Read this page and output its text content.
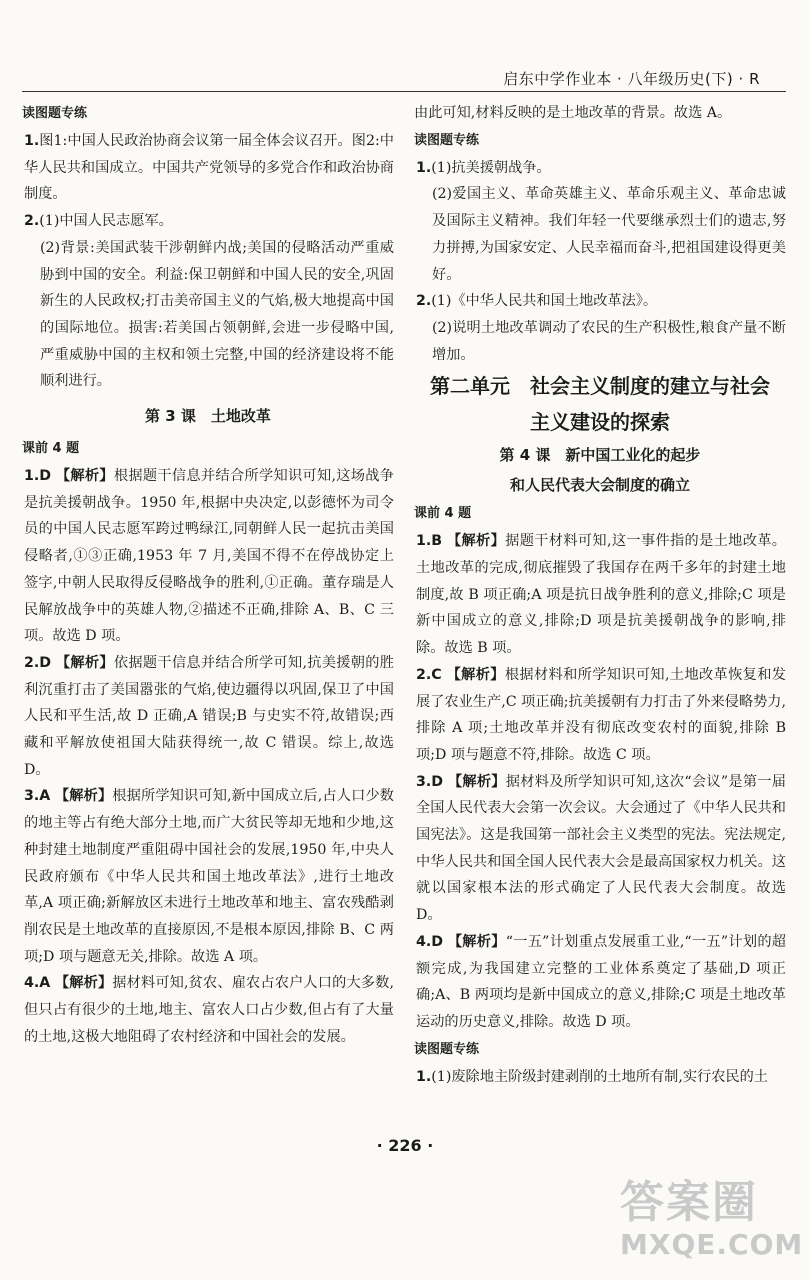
启东中学作业本 · 八年级历史(下) · R

读图题专练

1.图1:中国人民政治协商会议第一届全体会议召开。图2:中华人民共和国成立。中国共产党领导的多党合作和政治协商制度。

2.(1)中国人民志愿军。

(2)背景:美国武装干涉朝鲜内战;美国的侵略活动严重威胁到中国的安全。利益:保卫朝鲜和中国人民的安全,巩固新生的人民政权;打击美帝国主义的气焰,极大地提高中国的国际地位。损害:若美国占领朝鲜,会进一步侵略中国,严重威胁中国的主权和领土完整,中国的经济建设将不能顺利进行。

第 3 课　土地改革

课前 4 题

1.D 【解析】根据题干信息并结合所学知识可知,这场战争是抗美援朝战争。1950 年,根据中央决定,以彭德怀为司令员的中国人民志愿军跨过鸭绿江,同朝鲜人民一起抗击美国侵略者,①③正确,1953 年 7 月,美国不得不在停战协定上签字,中朝人民取得反侵略战争的胜利,①正确。董存瑞是人民解放战争中的英雄人物,②描述不正确,排除 A、B、C 三项。故选 D 项。

2.D 【解析】依据题干信息并结合所学可知,抗美援朝的胜利沉重打击了美国嚣张的气焰,使边疆得以巩固,保卫了中国人民和平生活,故 D 正确,A 错误;B 与史实不符,故错误;西藏和平解放使祖国大陆获得统一,故 C 错误。综上,故选 D。

3.A 【解析】根据所学知识可知,新中国成立后,占人口少数的地主等占有绝大部分土地,而广大贫民等却无地和少地,这种封建土地制度严重阻碍中国社会的发展,1950 年,中央人民政府颁布《中华人民共和国土地改革法》,进行土地改革,A 项正确;新解放区未进行土地改革和地主、富农残酷剥削农民是土地改革的直接原因,不是根本原因,排除 B、C 两项;D 项与题意无关,排除。故选 A 项。

4.A 【解析】据材料可知,贫农、雇农占农户人口的大多数,但只占有很少的土地,地主、富农人口占少数,但占有了大量的土地,这极大地阻碍了农村经济和中国社会的发展。

由此可知,材料反映的是土地改革的背景。故选 A。

读图题专练

1.(1)抗美援朝战争。

(2)爱国主义、革命英雄主义、革命乐观主义、革命忠诚及国际主义精神。我们年轻一代要继承烈士们的遗志,努力拼搏,为国家安定、人民幸福而奋斗,把祖国建设得更美好。

2.(1)《中华人民共和国土地改革法》。

(2)说明土地改革调动了农民的生产积极性,粮食产量不断增加。

第二单元　社会主义制度的建立与社会

主义建设的探索

第 4 课　新中国工业化的起步

和人民代表大会制度的确立

课前 4 题

1.B 【解析】据题干材料可知,这一事件指的是土地改革。土地改革的完成,彻底摧毁了我国存在两千多年的封建土地制度,故 B 项正确;A 项是抗日战争胜利的意义,排除;C 项是新中国成立的意义,排除;D 项是抗美援朝战争的影响,排除。故选 B 项。

2.C 【解析】根据材料和所学知识可知,土地改革恢复和发展了农业生产,C 项正确;抗美援朝有力打击了外来侵略势力,排除 A 项;土地改革并没有彻底改变农村的面貌,排除 B 项;D 项与题意不符,排除。故选 C 项。

3.D 【解析】据材料及所学知识可知,这次“会议”是第一届全国人民代表大会第一次会议。大会通过了《中华人民共和国宪法》。这是我国第一部社会主义类型的宪法。宪法规定,中华人民共和国全国人民代表大会是最高国家权力机关。这就以国家根本法的形式确定了人民代表大会制度。故选 D。

4.D 【解析】“一五”计划重点发展重工业,“一五”计划的超额完成,为我国建立完整的工业体系奠定了基础,D 项正确;A、B 两项均是新中国成立的意义,排除;C 项是土地改革运动的历史意义,排除。故选 D 项。

读图题专练

1.(1)废除地主阶级封建剥削的土地所有制,实行农民的土

· 226 ·
答案圈
MXQE.COM
